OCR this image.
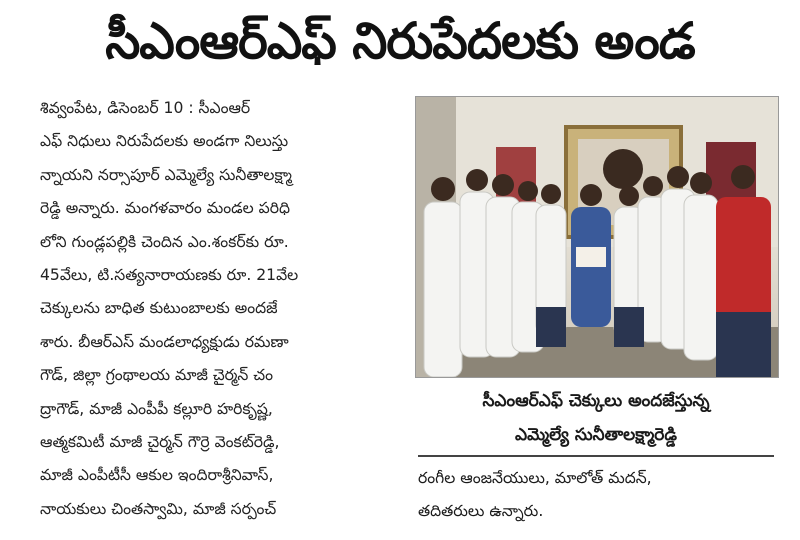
సీఎంఆర్ఎఫ్ నిరుపేదలకు అండ
శివ్వంపేట, డిసెంబర్ 10 : సీఎంఆర్
ఎఫ్ నిధులు నిరుపేదలకు అండగా నిలుస్తు
న్నాయని నర్సాపూర్ ఎమ్మెల్యే సునీతాలక్ష్మా
రెడ్డి అన్నారు. మంగళవారం మండల పరిధి
లోని గుండ్లపల్లికి చెందిన ఎం.శంకర్‌కు రూ.
45వేలు, టి.సత్యనారాయణకు రూ. 21వేల
చెక్కులను బాధిత కుటుంబాలకు అందజే
శారు. బీఆర్ఎస్ మండలాధ్యక్షుడు రమణా
గౌడ్, జిల్లా గ్రంథాలయ మాజీ చైర్మన్ చం
ద్రాగౌడ్, మాజీ ఎంపీపీ కల్లూరి హరికృష్ణ,
ఆత్మకమిటీ మాజీ చైర్మన్ గౌర్రె వెంకట్‌రెడ్డి,
మాజీ ఎంపీటీసీ ఆకుల ఇందిరాశ్రీనివాస్,
నాయకులు చింతస్వామి, మాజీ సర్పంచ్
సీఎంఆర్ఎఫ్ చెక్కులు అందజేస్తున్న
ఎమ్మెల్యే సునీతాలక్ష్మారెడ్డి
రంగీల ఆంజనేయులు, మాలోత్ మదన్,
తదితరులు ఉన్నారు.
